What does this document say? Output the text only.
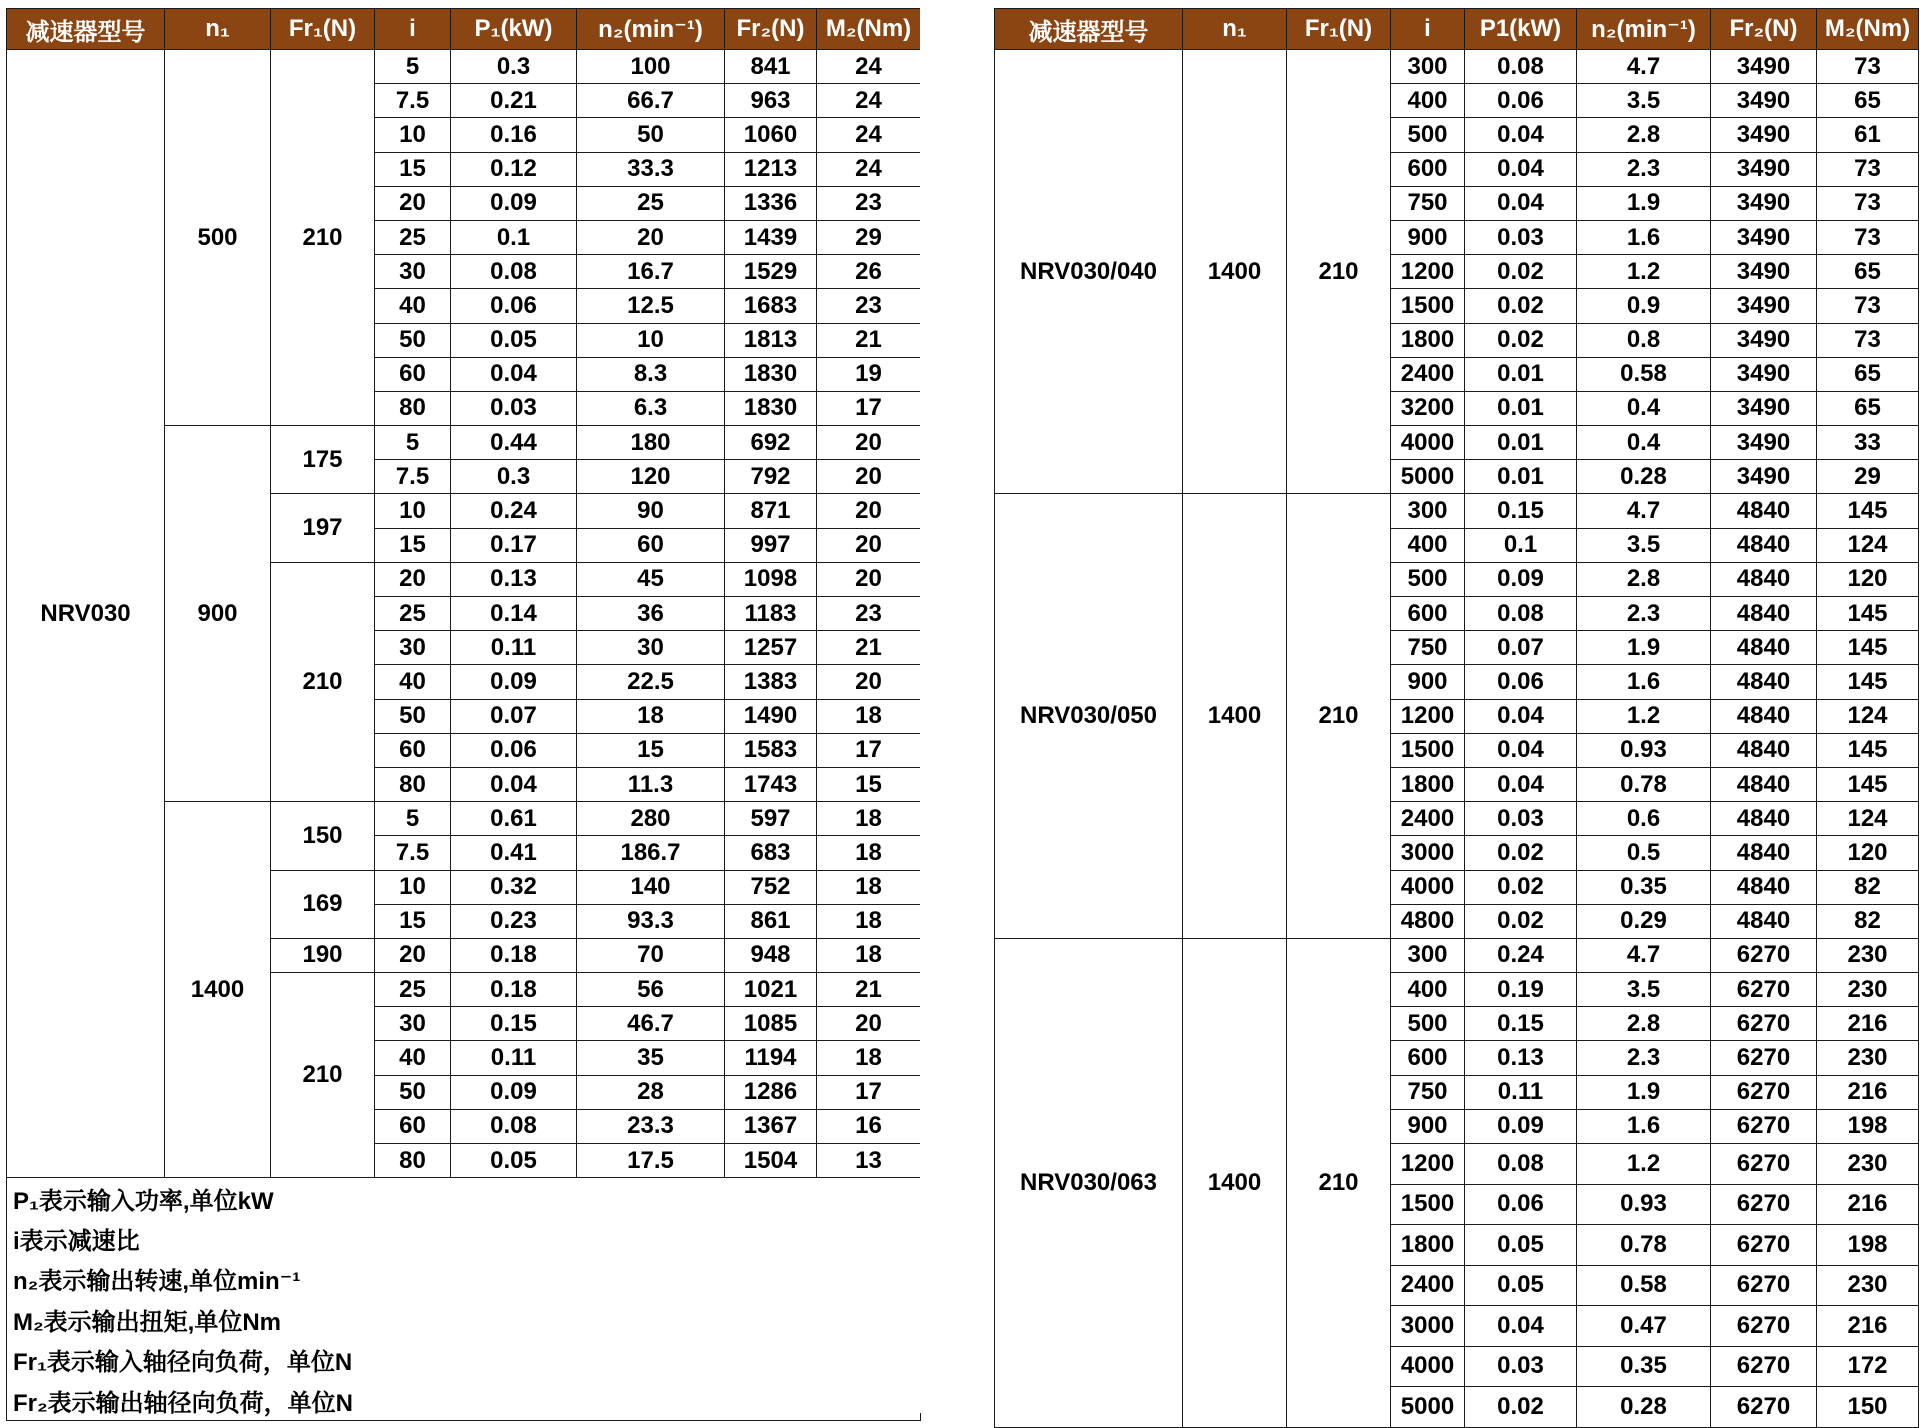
减速器型号	n₁	Fr₁(N)	i	P₁(kW)	n₂(min⁻¹)	Fr₂(N)	M₂(Nm)
NRV030	500	210	5	0.3	100	841	24
			7.5	0.21	66.7	963	24
			10	0.16	50	1060	24
			15	0.12	33.3	1213	24
			20	0.09	25	1336	23
			25	0.1	20	1439	29
			30	0.08	16.7	1529	26
			40	0.06	12.5	1683	23
			50	0.05	10	1813	21
			60	0.04	8.3	1830	19
			80	0.03	6.3	1830	17
	900	175	5	0.44	180	692	20
			7.5	0.3	120	792	20
		197	10	0.24	90	871	20
			15	0.17	60	997	20
		210	20	0.13	45	1098	20
			25	0.14	36	1183	23
			30	0.11	30	1257	21
			40	0.09	22.5	1383	20
			50	0.07	18	1490	18
			60	0.06	15	1583	17
			80	0.04	11.3	1743	15
	1400	150	5	0.61	280	597	18
			7.5	0.41	186.7	683	18
		169	10	0.32	140	752	18
			15	0.23	93.3	861	18
		190	20	0.18	70	948	18
		210	25	0.18	56	1021	21
			30	0.15	46.7	1085	20
			40	0.11	35	1194	18
			50	0.09	28	1286	17
			60	0.08	23.3	1367	16
			80	0.05	17.5	1504	13
P₁表示输入功率,单位kW							
i表示减速比							
n₂表示输出转速,单位min⁻¹							
M₂表示输出扭矩,单位Nm							
Fr₁表示输入轴径向负荷，单位N							
Fr₂表示输出轴径向负荷，单位N							
减速器型号	n₁	Fr₁(N)	i	P1(kW)	n₂(min⁻¹)	Fr₂(N)	M₂(Nm)
NRV030/040	1400	210	300	0.08	4.7	3490	73
			400	0.06	3.5	3490	65
			500	0.04	2.8	3490	61
			600	0.04	2.3	3490	73
			750	0.04	1.9	3490	73
			900	0.03	1.6	3490	73
			1200	0.02	1.2	3490	65
			1500	0.02	0.9	3490	73
			1800	0.02	0.8	3490	73
			2400	0.01	0.58	3490	65
			3200	0.01	0.4	3490	65
			4000	0.01	0.4	3490	33
			5000	0.01	0.28	3490	29
NRV030/050	1400	210	300	0.15	4.7	4840	145
			400	0.1	3.5	4840	124
			500	0.09	2.8	4840	120
			600	0.08	2.3	4840	145
			750	0.07	1.9	4840	145
			900	0.06	1.6	4840	145
			1200	0.04	1.2	4840	124
			1500	0.04	0.93	4840	145
			1800	0.04	0.78	4840	145
			2400	0.03	0.6	4840	124
			3000	0.02	0.5	4840	120
			4000	0.02	0.35	4840	82
			4800	0.02	0.29	4840	82
NRV030/063	1400	210	300	0.24	4.7	6270	230
			400	0.19	3.5	6270	230
			500	0.15	2.8	6270	216
			600	0.13	2.3	6270	230
			750	0.11	1.9	6270	216
			900	0.09	1.6	6270	198
			1200	0.08	1.2	6270	230
			1500	0.06	0.93	6270	216
			1800	0.05	0.78	6270	198
			2400	0.05	0.58	6270	230
			3000	0.04	0.47	6270	216
			4000	0.03	0.35	6270	172
			5000	0.02	0.28	6270	150
